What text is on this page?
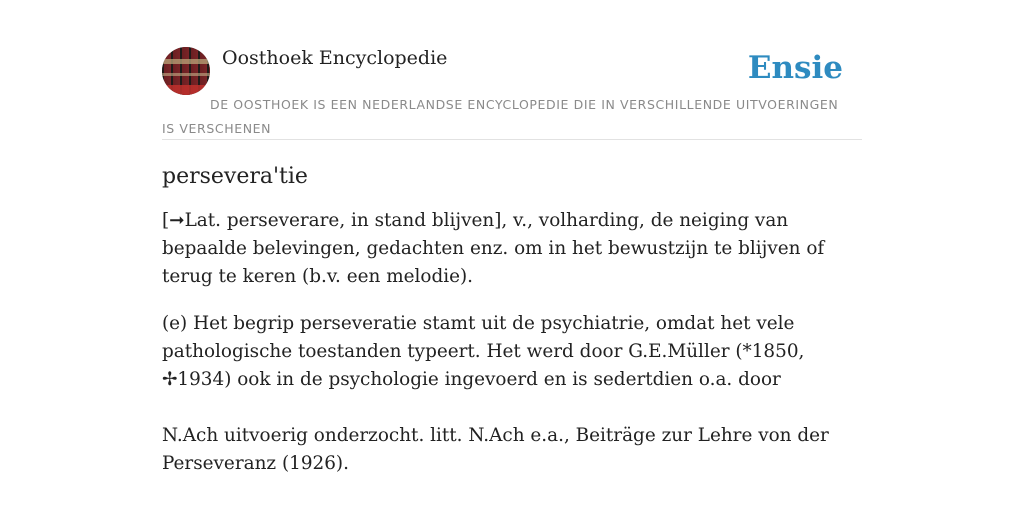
Oosthoek Encyclopedie	Ensie
DE OOSTHOEK IS EEN NEDERLANDSE ENCYCLOPEDIE DIE IN VERSCHILLENDE UITVOERINGEN IS VERSCHENEN
persevera'tie

[➞Lat. perseverare, in stand blijven], v., volharding, de neiging van bepaalde belevingen, gedachten enz. om in het bewustzijn te blijven of terug te keren (b.v. een melodie).

(e) Het begrip perseveratie stamt uit de psychiatrie, omdat het vele pathologische toestanden typeert. Het werd door G.E.Müller (*1850, ✢1934) ook in de psychologie ingevoerd en is sedertdien o.a. door

N.Ach uitvoerig onderzocht. litt. N.Ach e.a., Beiträge zur Lehre von der Perseveranz (1926).
